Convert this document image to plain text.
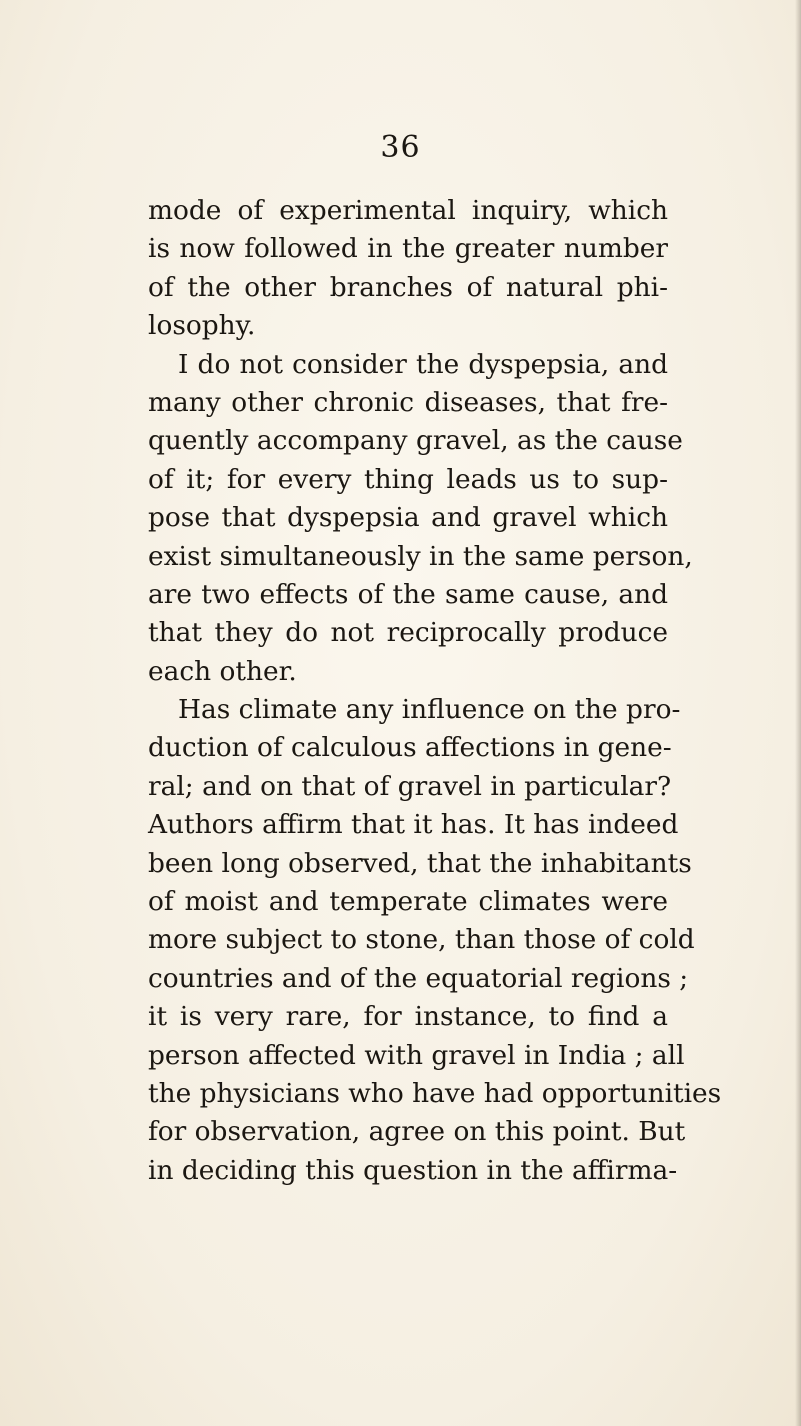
36
mode of experimental inquiry, which
is now followed in the greater number
of the other branches of natural phi-
losophy.
I do not consider the dyspepsia, and
many other chronic diseases, that fre-
quently accompany gravel, as the cause
of it; for every thing leads us to sup-
pose that dyspepsia and gravel which
exist simultaneously in the same person,
are two effects of the same cause, and
that they do not reciprocally produce
each other.
Has climate any influence on the pro-
duction of calculous affections in gene-
ral; and on that of gravel in particular?
Authors affirm that it has. It has indeed
been long observed, that the inhabitants
of moist and temperate climates were
more subject to stone, than those of cold
countries and of the equatorial regions ;
it is very rare, for instance, to find a
person affected with gravel in India ; all
the physicians who have had opportunities
for observation, agree on this point. But
in deciding this question in the affirma-
